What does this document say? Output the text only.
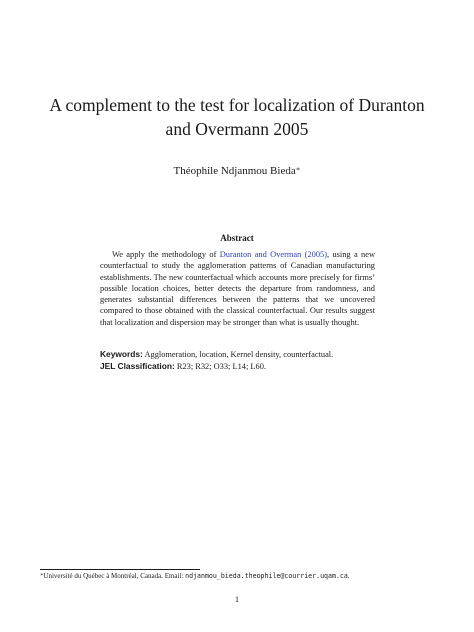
A complement to the test for localization of Duranton
and Overmann 2005
Théophile Ndjanmou Bieda∗
Abstract
We apply the methodology of Duranton and Overman (2005), using a new counterfactual to study the agglomeration patterns of Canadian manufacturing establishments. The new counterfactual which accounts more precisely for firms’ possible location choices, better detects the departure from randomness, and generates substantial differences between the patterns that we uncovered compared to those obtained with the classical counterfactual. Our results suggest that localization and dispersion may be stronger than what is usually thought.
Keywords: Agglomeration, location, Kernel density, counterfactual.
JEL Classification: R23; R32; O33; L14; L60.
∗Université du Québec à Montréal, Canada. Email: ndjanmou_bieda.theophile@courrier.uqam.ca.
1
